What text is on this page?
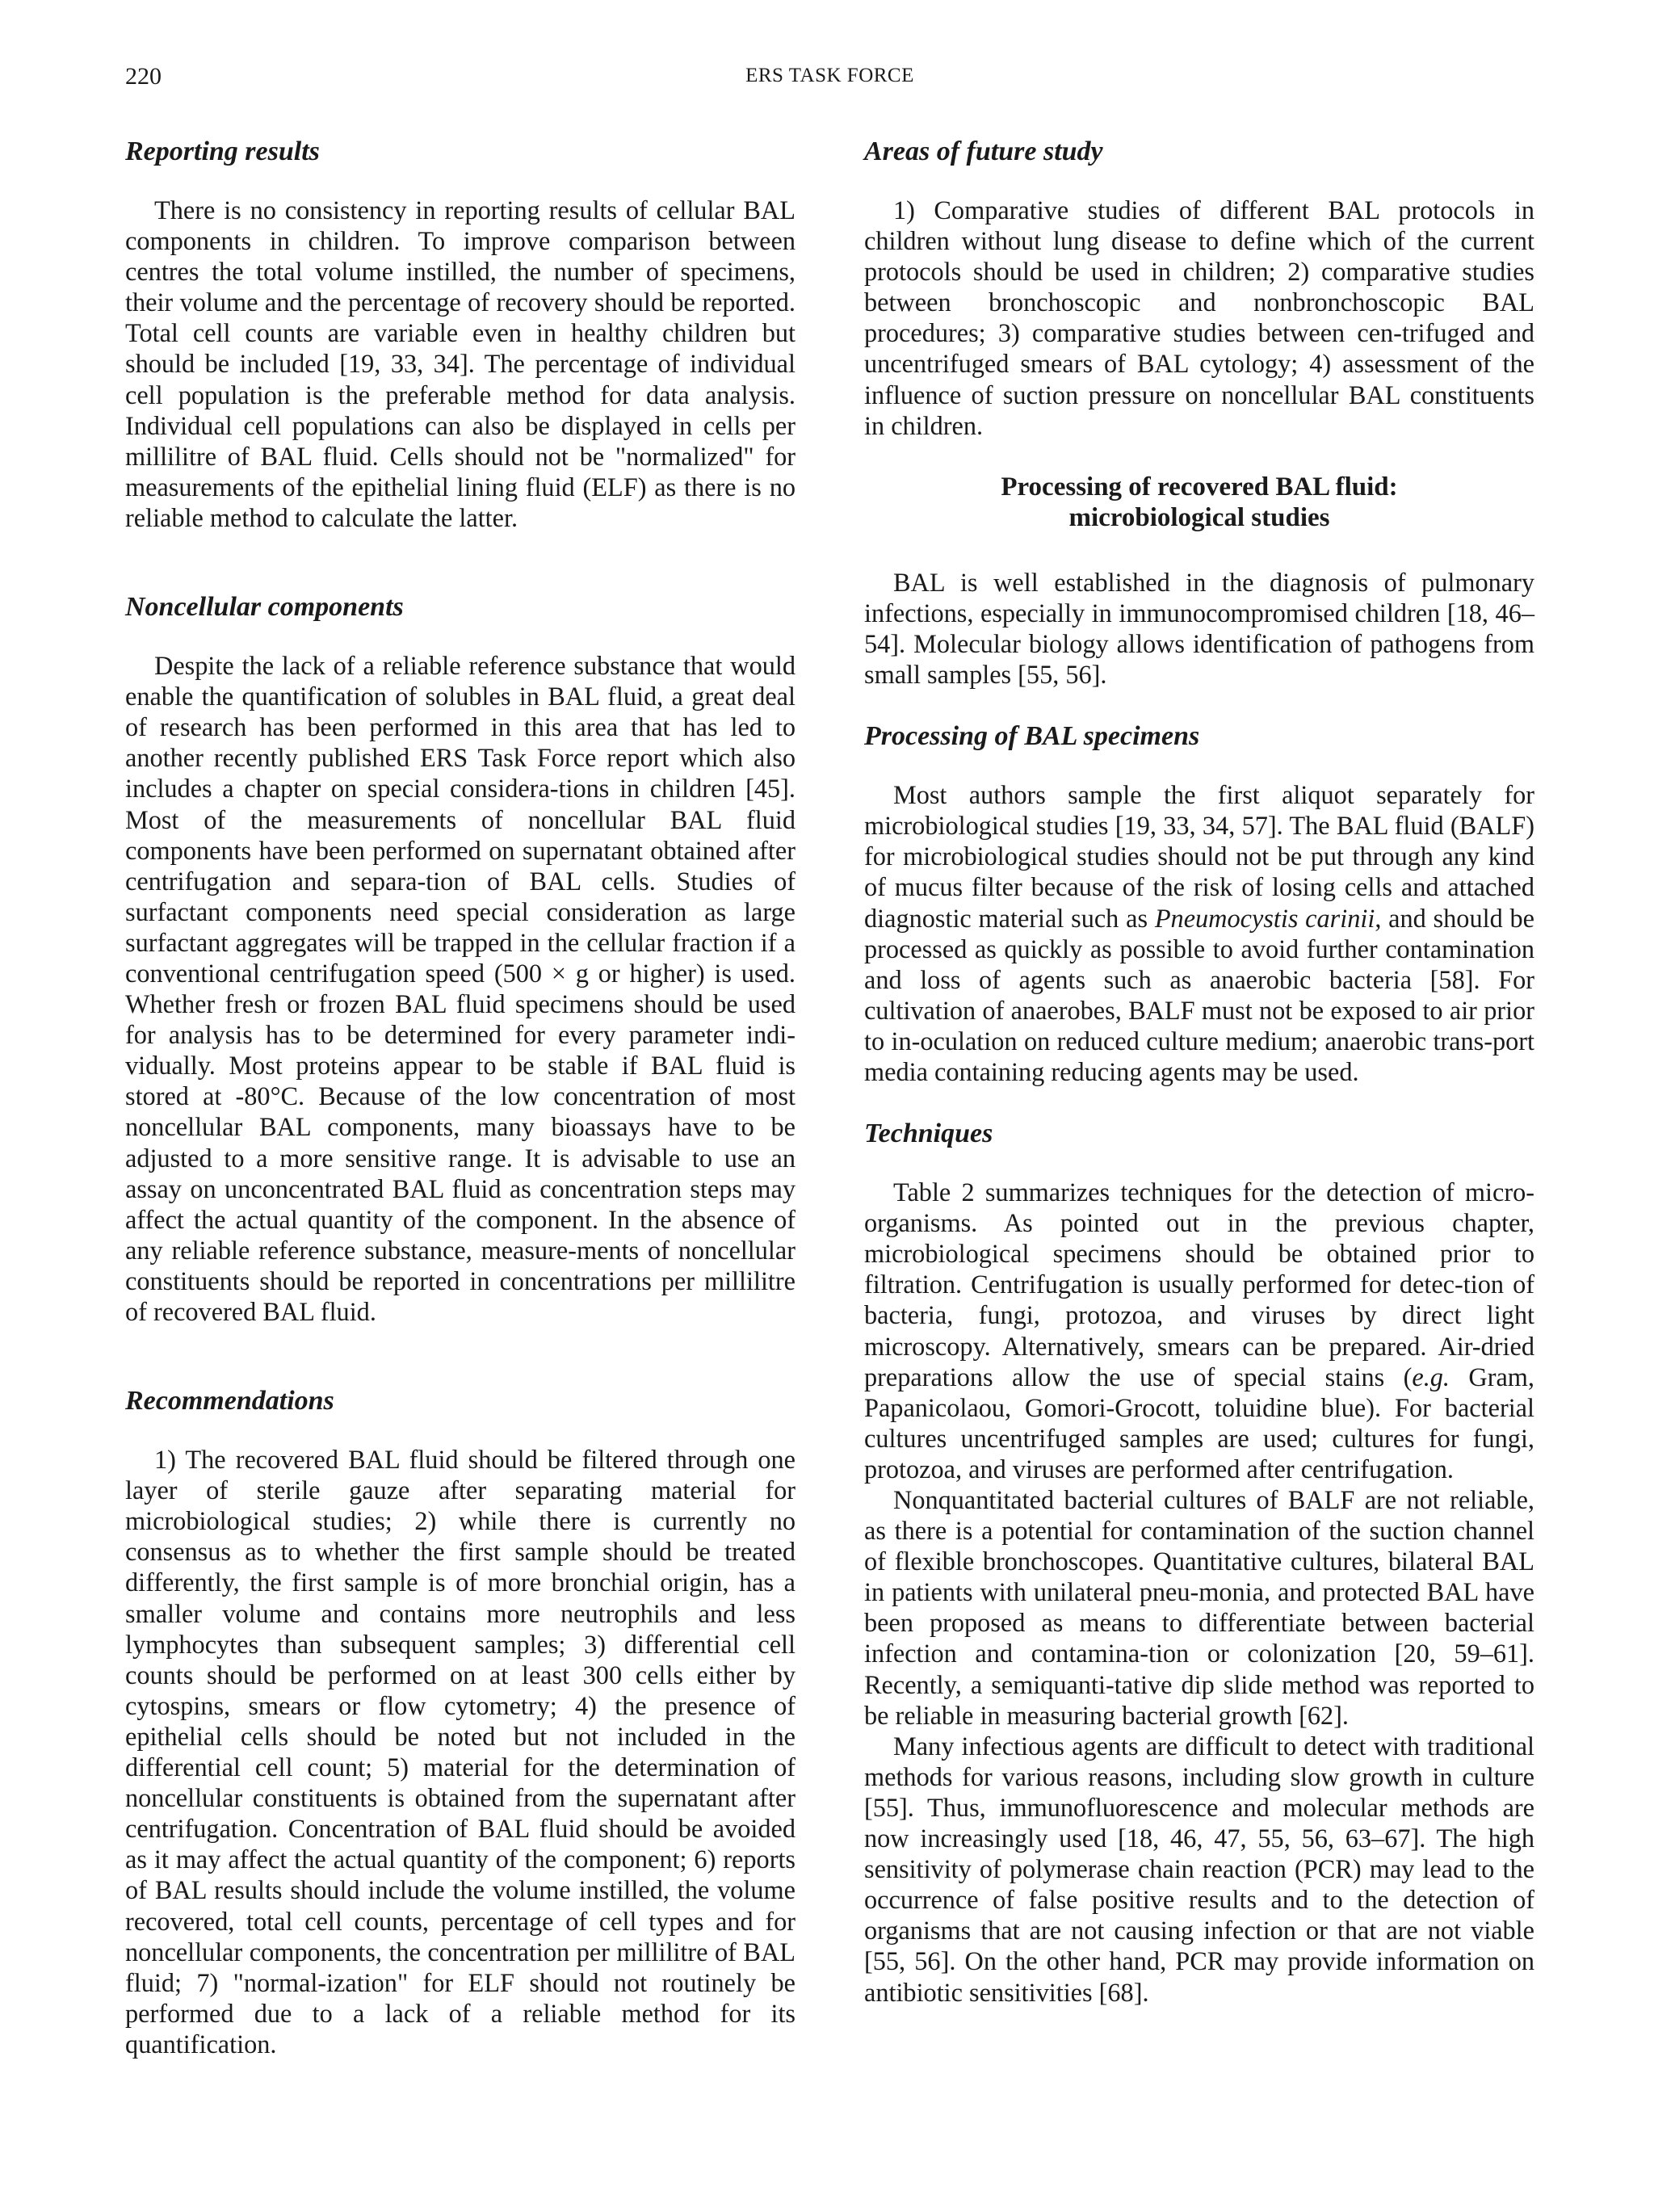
220	ERS TASK FORCE
Reporting results

There is no consistency in reporting results of cellular BAL components in children. To improve comparison between centres the total volume instilled, the number of specimens, their volume and the percentage of recovery should be reported. Total cell counts are variable even in healthy children but should be included [19, 33, 34]. The percentage of individual cell population is the preferable method for data analysis. Individual cell populations can also be displayed in cells per millilitre of BAL fluid. Cells should not be "normalized" for measurements of the epithelial lining fluid (ELF) as there is no reliable method to calculate the latter.

Noncellular components

Despite the lack of a reliable reference substance that would enable the quantification of solubles in BAL fluid, a great deal of research has been performed in this area that has led to another recently published ERS Task Force report which also includes a chapter on special considera-tions in children [45]. Most of the measurements of noncellular BAL fluid components have been performed on supernatant obtained after centrifugation and separa-tion of BAL cells. Studies of surfactant components need special consideration as large surfactant aggregates will be trapped in the cellular fraction if a conventional centrifugation speed (500 × g or higher) is used. Whether fresh or frozen BAL fluid specimens should be used for analysis has to be determined for every parameter indi-vidually. Most proteins appear to be stable if BAL fluid is stored at -80°C. Because of the low concentration of most noncellular BAL components, many bioassays have to be adjusted to a more sensitive range. It is advisable to use an assay on unconcentrated BAL fluid as concentration steps may affect the actual quantity of the component. In the absence of any reliable reference substance, measure-ments of noncellular constituents should be reported in concentrations per millilitre of recovered BAL fluid.

Recommendations

1) The recovered BAL fluid should be filtered through one layer of sterile gauze after separating material for microbiological studies; 2) while there is currently no consensus as to whether the first sample should be treated differently, the first sample is of more bronchial origin, has a smaller volume and contains more neutrophils and less lymphocytes than subsequent samples; 3) differential cell counts should be performed on at least 300 cells either by cytospins, smears or flow cytometry; 4) the presence of epithelial cells should be noted but not included in the differential cell count; 5) material for the determination of noncellular constituents is obtained from the supernatant after centrifugation. Concentration of BAL fluid should be avoided as it may affect the actual quantity of the component; 6) reports of BAL results should include the volume instilled, the volume recovered, total cell counts, percentage of cell types and for noncellular components, the concentration per millilitre of BAL fluid; 7) "normal-ization" for ELF should not routinely be performed due to a lack of a reliable method for its quantification.

Areas of future study

1) Comparative studies of different BAL protocols in children without lung disease to define which of the current protocols should be used in children; 2) comparative studies between bronchoscopic and nonbronchoscopic BAL procedures; 3) comparative studies between cen-trifuged and uncentrifuged smears of BAL cytology; 4) assessment of the influence of suction pressure on noncellular BAL constituents in children.

Processing of recovered BAL fluid:
microbiological studies

BAL is well established in the diagnosis of pulmonary infections, especially in immunocompromised children [18, 46–54]. Molecular biology allows identification of pathogens from small samples [55, 56].

Processing of BAL specimens

Most authors sample the first aliquot separately for microbiological studies [19, 33, 34, 57]. The BAL fluid (BALF) for microbiological studies should not be put through any kind of mucus filter because of the risk of losing cells and attached diagnostic material such as Pneumocystis carinii, and should be processed as quickly as possible to avoid further contamination and loss of agents such as anaerobic bacteria [58]. For cultivation of anaerobes, BALF must not be exposed to air prior to in-oculation on reduced culture medium; anaerobic trans-port media containing reducing agents may be used.

Techniques

Table 2 summarizes techniques for the detection of micro-organisms. As pointed out in the previous chapter, microbiological specimens should be obtained prior to filtration. Centrifugation is usually performed for detec-tion of bacteria, fungi, protozoa, and viruses by direct light microscopy. Alternatively, smears can be prepared. Air-dried preparations allow the use of special stains (e.g. Gram, Papanicolaou, Gomori-Grocott, toluidine blue). For bacterial cultures uncentrifuged samples are used; cultures for fungi, protozoa, and viruses are performed after centrifugation.

Nonquantitated bacterial cultures of BALF are not reliable, as there is a potential for contamination of the suction channel of flexible bronchoscopes. Quantitative cultures, bilateral BAL in patients with unilateral pneu-monia, and protected BAL have been proposed as means to differentiate between bacterial infection and contamina-tion or colonization [20, 59–61]. Recently, a semiquanti-tative dip slide method was reported to be reliable in measuring bacterial growth [62].

Many infectious agents are difficult to detect with traditional methods for various reasons, including slow growth in culture [55]. Thus, immunofluorescence and molecular methods are now increasingly used [18, 46, 47, 55, 56, 63–67]. The high sensitivity of polymerase chain reaction (PCR) may lead to the occurrence of false positive results and to the detection of organisms that are not causing infection or that are not viable [55, 56]. On the other hand, PCR may provide information on antibiotic sensitivities [68].
